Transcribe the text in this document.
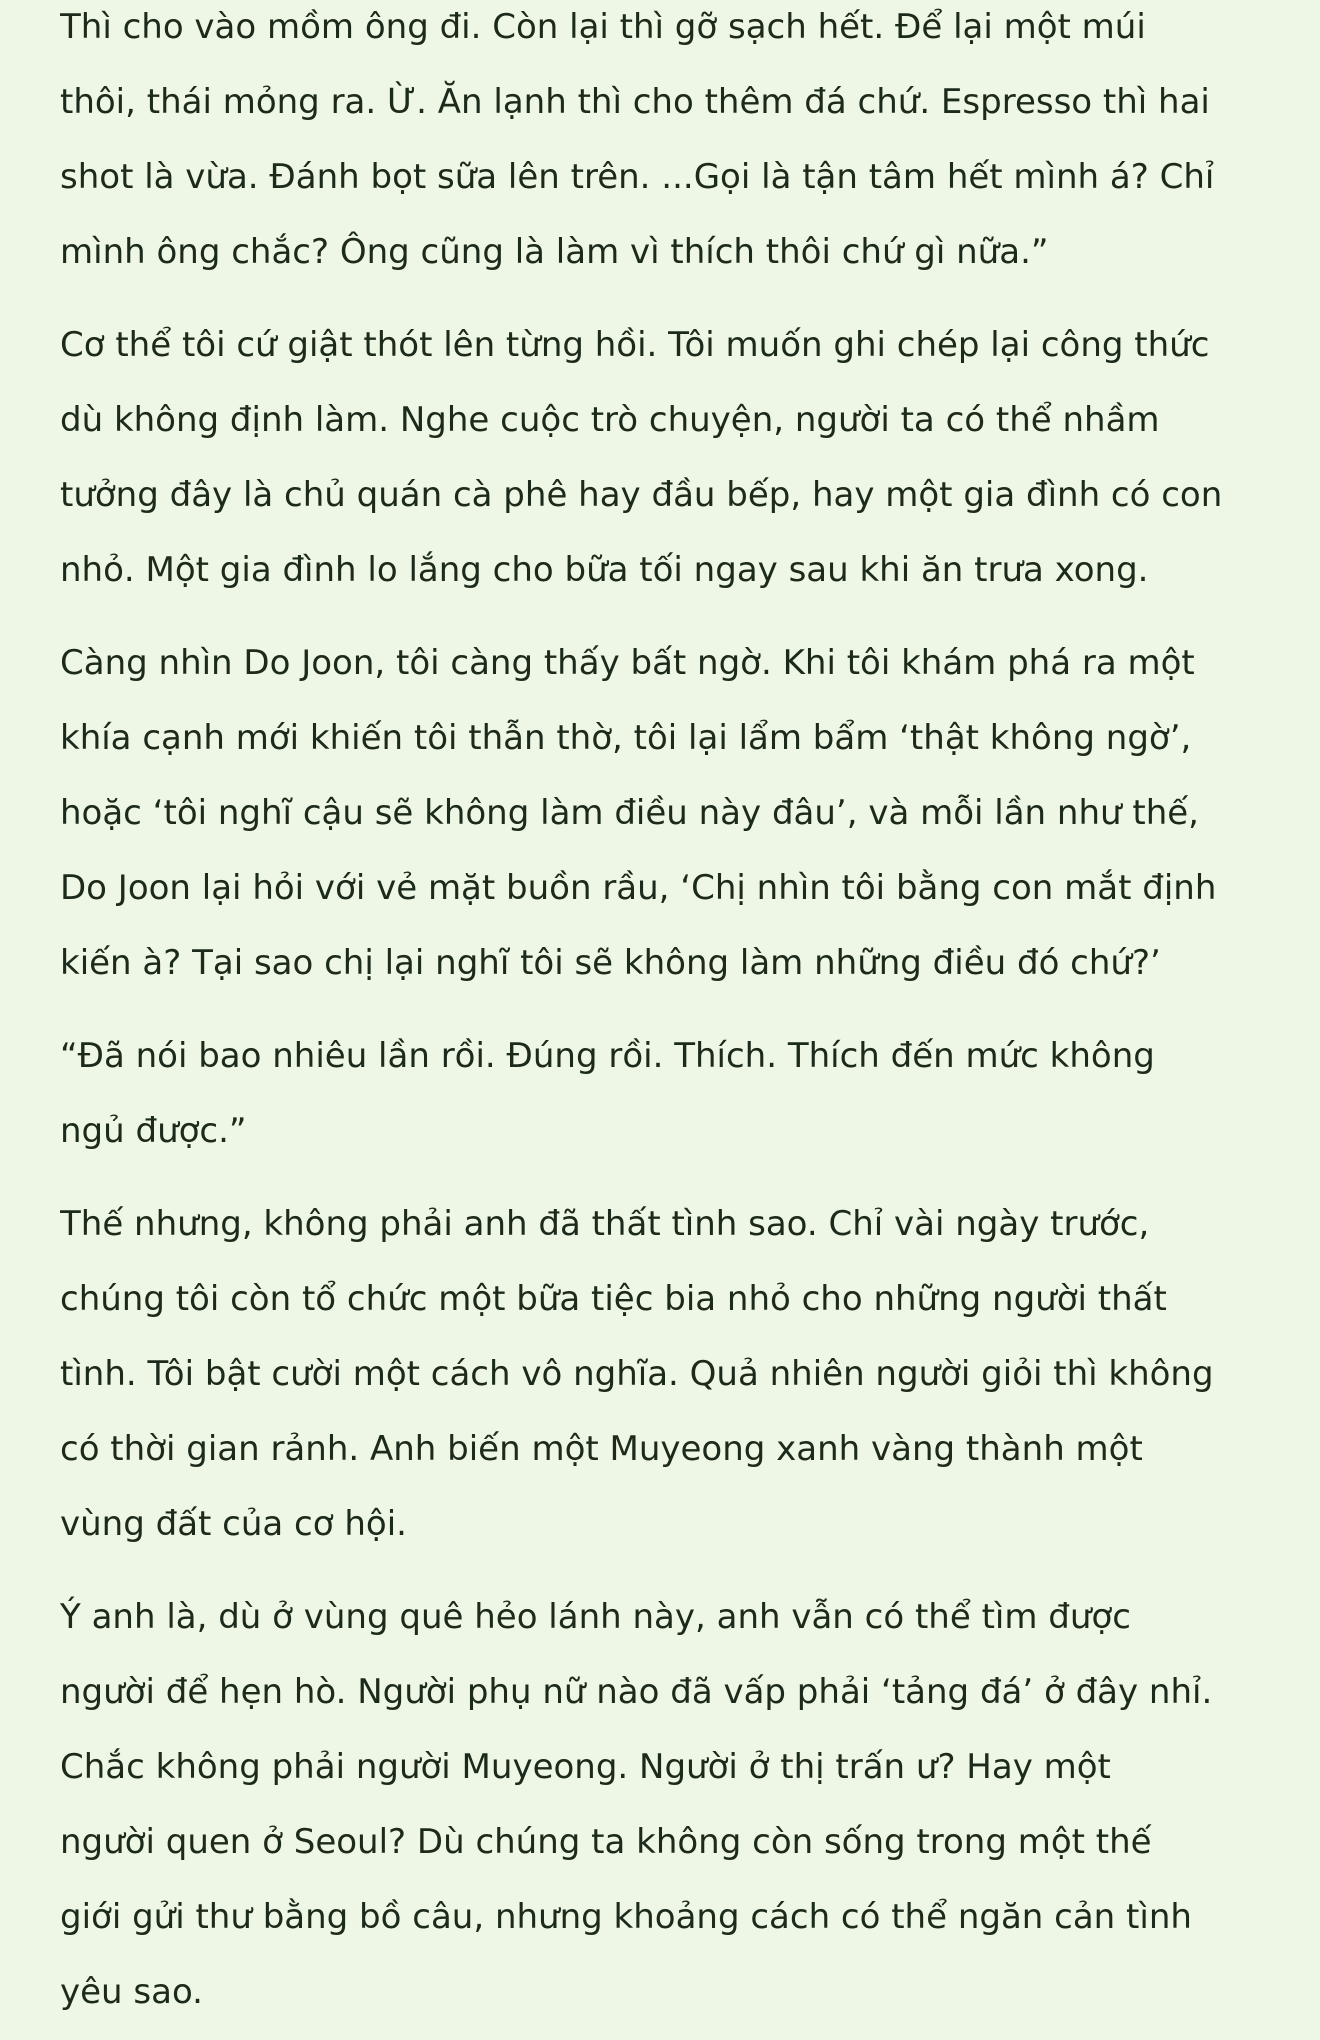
Thì cho vào mồm ông đi. Còn lại thì gỡ sạch hết. Để lại một múi
thôi, thái mỏng ra. Ừ. Ăn lạnh thì cho thêm đá chứ. Espresso thì hai
shot là vừa. Đánh bọt sữa lên trên. ...Gọi là tận tâm hết mình á? Chỉ
mình ông chắc? Ông cũng là làm vì thích thôi chứ gì nữa.”

Cơ thể tôi cứ giật thót lên từng hồi. Tôi muốn ghi chép lại công thức
dù không định làm. Nghe cuộc trò chuyện, người ta có thể nhầm
tưởng đây là chủ quán cà phê hay đầu bếp, hay một gia đình có con
nhỏ. Một gia đình lo lắng cho bữa tối ngay sau khi ăn trưa xong.

Càng nhìn Do Joon, tôi càng thấy bất ngờ. Khi tôi khám phá ra một
khía cạnh mới khiến tôi thẫn thờ, tôi lại lẩm bẩm ‘thật không ngờ’,
hoặc ‘tôi nghĩ cậu sẽ không làm điều này đâu’, và mỗi lần như thế,
Do Joon lại hỏi với vẻ mặt buồn rầu, ‘Chị nhìn tôi bằng con mắt định
kiến à? Tại sao chị lại nghĩ tôi sẽ không làm những điều đó chứ?’

“Đã nói bao nhiêu lần rồi. Đúng rồi. Thích. Thích đến mức không
ngủ được.”

Thế nhưng, không phải anh đã thất tình sao. Chỉ vài ngày trước,
chúng tôi còn tổ chức một bữa tiệc bia nhỏ cho những người thất
tình. Tôi bật cười một cách vô nghĩa. Quả nhiên người giỏi thì không
có thời gian rảnh. Anh biến một Muyeong xanh vàng thành một
vùng đất của cơ hội.

Ý anh là, dù ở vùng quê hẻo lánh này, anh vẫn có thể tìm được
người để hẹn hò. Người phụ nữ nào đã vấp phải ‘tảng đá’ ở đây nhỉ.
Chắc không phải người Muyeong. Người ở thị trấn ư? Hay một
người quen ở Seoul? Dù chúng ta không còn sống trong một thế
giới gửi thư bằng bồ câu, nhưng khoảng cách có thể ngăn cản tình
yêu sao.
